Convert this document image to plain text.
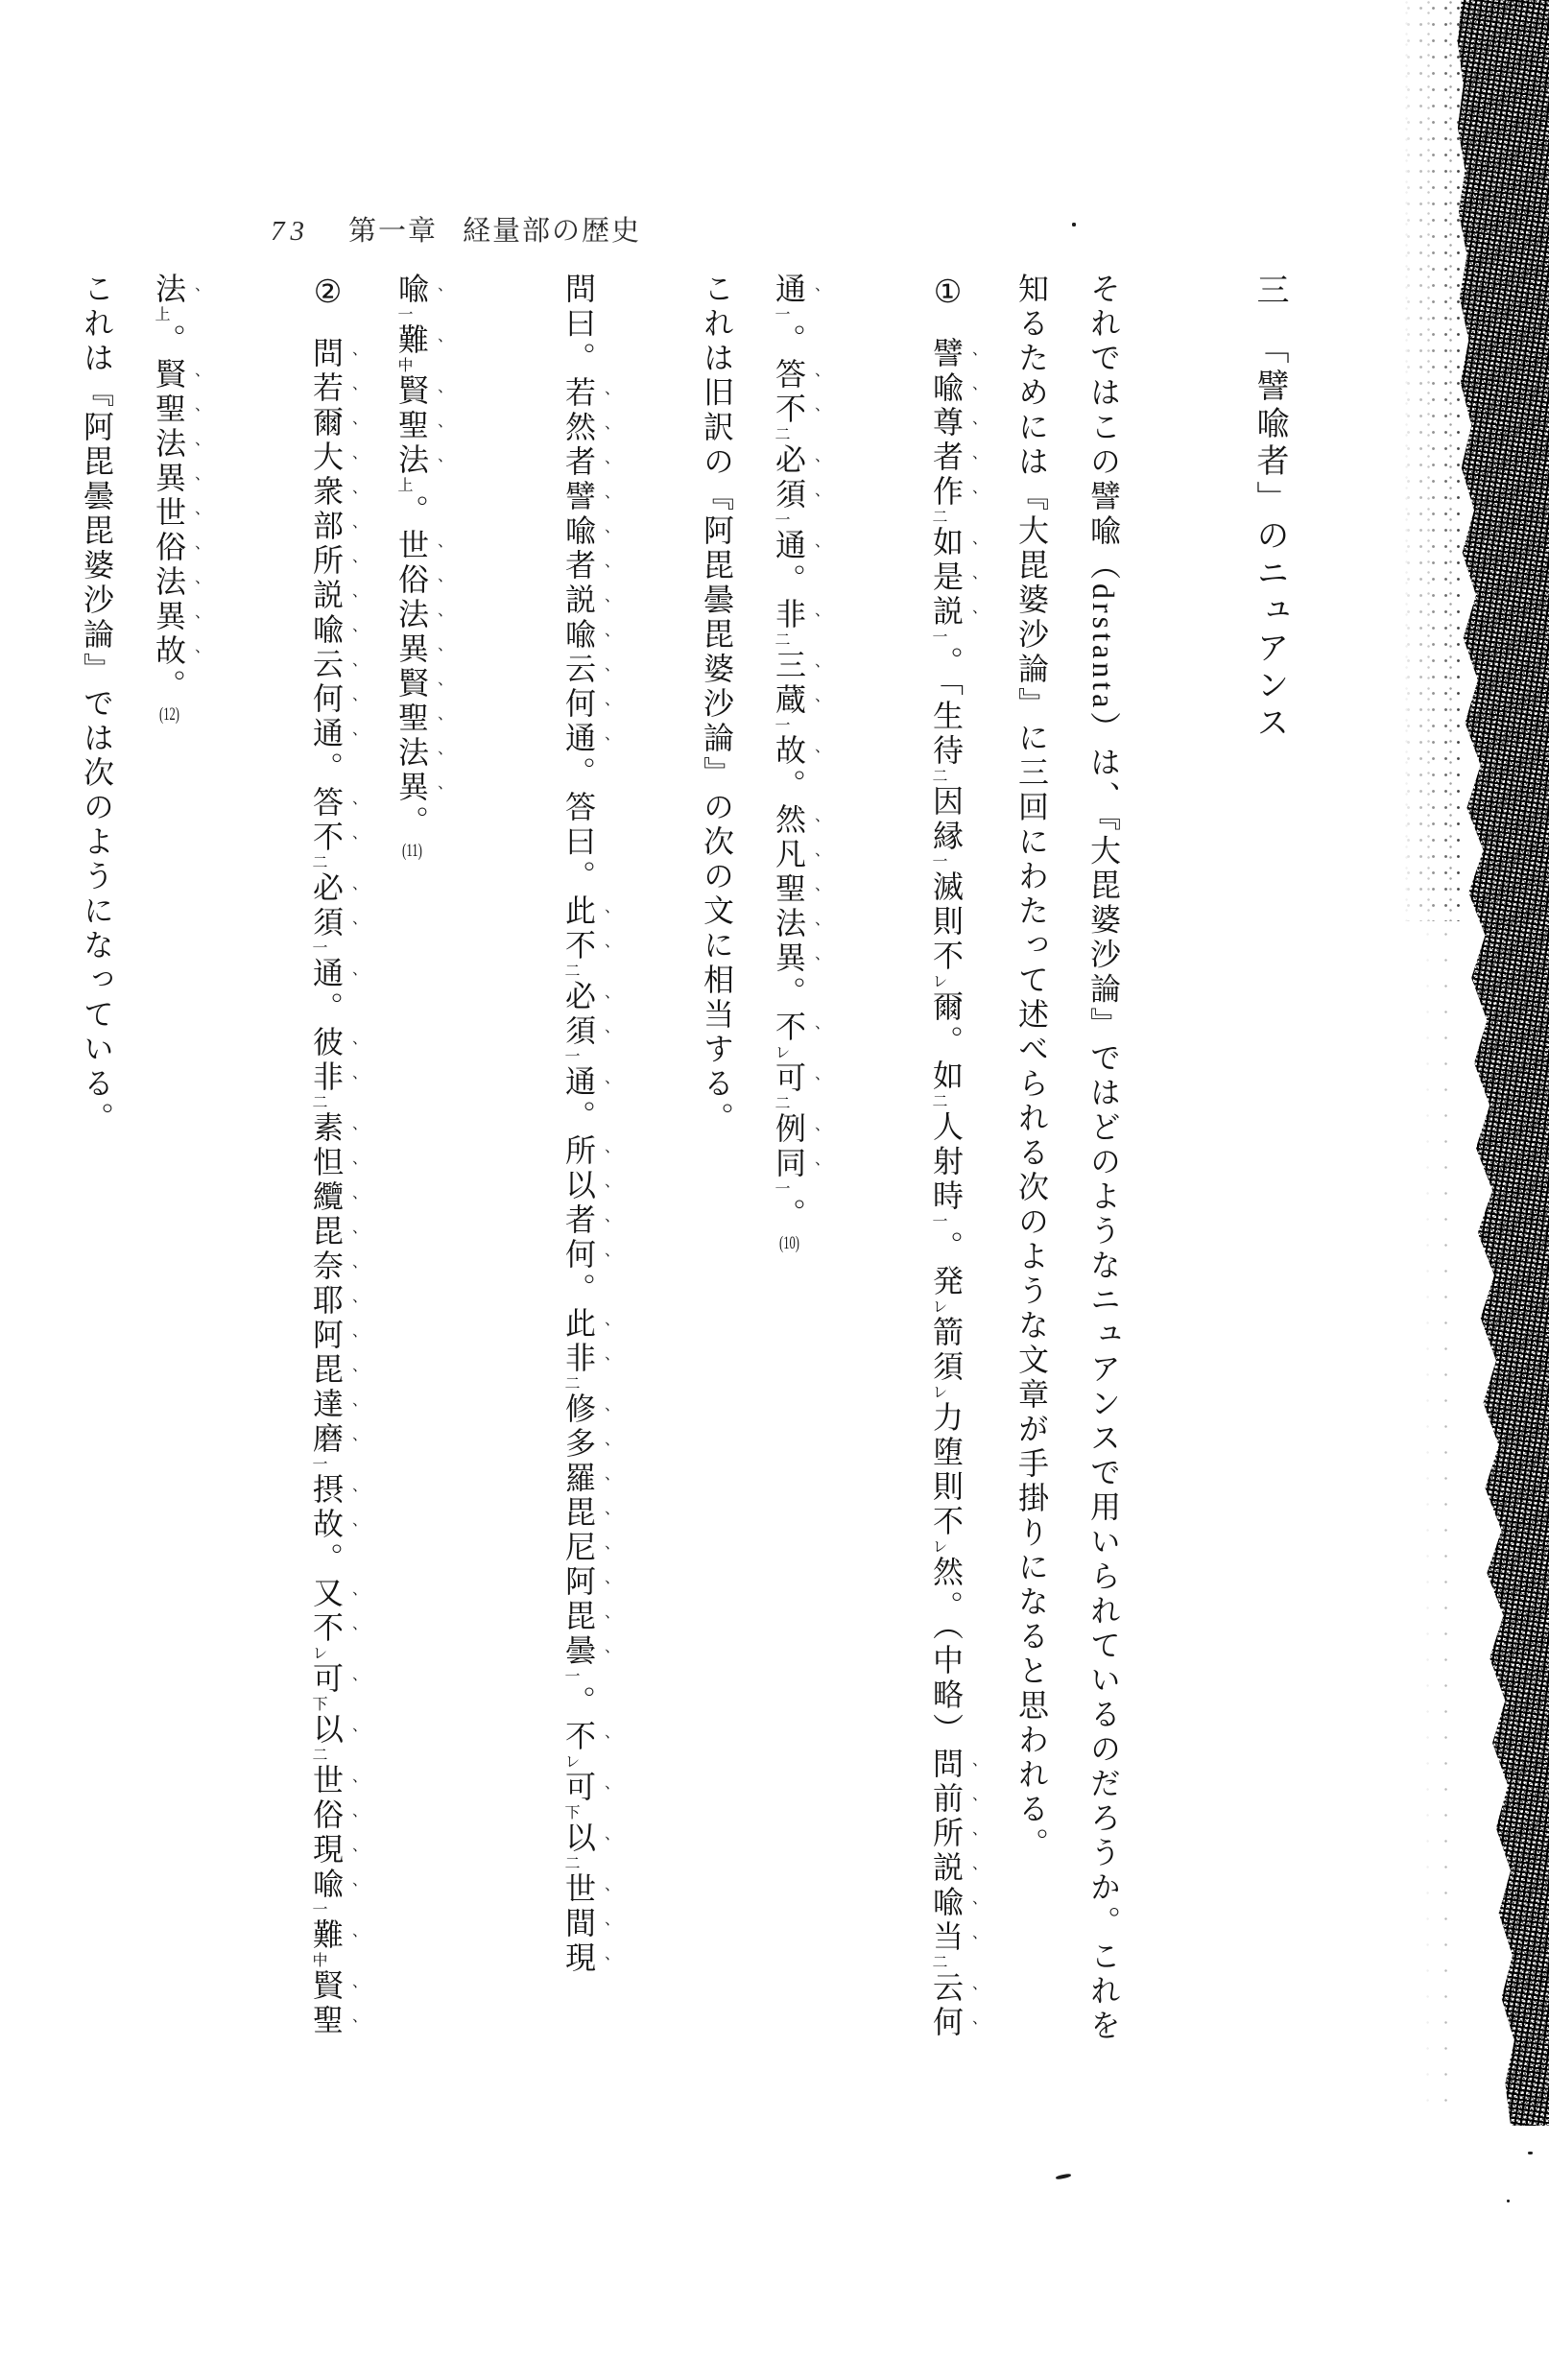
73 第一章 経量部の歴史
三　「譬喩者」のニュアンス
それではこの譬喩（drstanta）は、『大毘婆沙論』ではどのようなニュアンスで用いられているのだろうか。これを
知るためには『大毘婆沙論』に三回にわたって述べられる次のような文章が手掛りになると思われる。
①譬喩尊者作二如是説一。「生待二因縁一滅則不レ爾。如二人射時一。発レ箭須レ力堕則不レ然。（中略）問前所説喩当二云何
通一。答不二必須一通。非二三蔵一故。然凡聖法異。不レ可二例同一。(10)
これは旧訳の『阿毘曇毘婆沙論』の次の文に相当する。
問曰。若然者譬喩者説喩云何通。答曰。此不二必須一通。所以者何。此非二修多羅毘尼阿毘曇一。不レ可下以二世間現
喩一難中賢聖法上。世俗法異賢聖法異。(11)
②問若爾大衆部所説喩云何通。答不二必須一通。彼非二素怛纜毘奈耶阿毘達磨一摂故。又不レ可下以二世俗現喩一難中賢聖
法上。賢聖法異世俗法異故。(12)
これは『阿毘曇毘婆沙論』では次のようになっている。
